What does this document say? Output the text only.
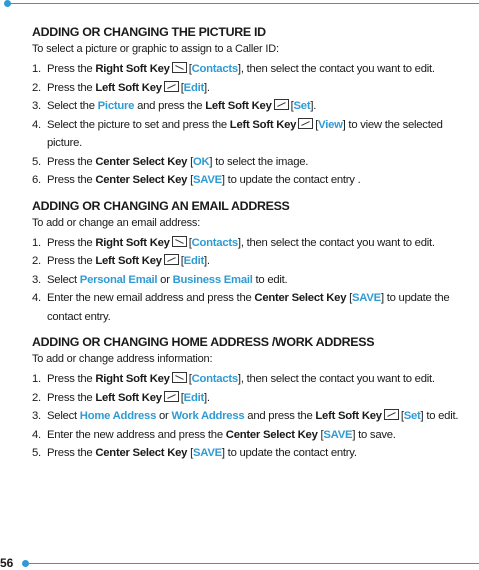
ADDING OR CHANGING THE PICTURE ID

To select a picture or graphic to assign to a Caller ID:

1. Press the Right Soft Key [Contacts], then select the contact you want to edit.
2. Press the Left Soft Key [Edit].
3. Select the Picture and press the Left Soft Key [Set].
4. Select the picture to set and press the Left Soft Key [View] to view the selected picture.
5. Press the Center Select Key [OK] to select the image.
6. Press the Center Select Key [SAVE] to update the contact entry .
ADDING OR CHANGING AN EMAIL ADDRESS

To add or change an email address:

1. Press the Right Soft Key [Contacts], then select the contact you want to edit.
2. Press the Left Soft Key [Edit].
3. Select Personal Email or Business Email to edit.
4. Enter the new email address and press the Center Select Key [SAVE] to update the contact entry.
ADDING OR CHANGING HOME ADDRESS /WORK ADDRESS

To add or change address information:

1. Press the Right Soft Key [Contacts], then select the contact you want to edit.
2. Press the Left Soft Key [Edit].
3. Select Home Address or Work Address and press the Left Soft Key [Set] to edit.
4. Enter the new address and press the Center Select Key [SAVE] to save.
5. Press the Center Select Key [SAVE] to update the contact entry.
56
